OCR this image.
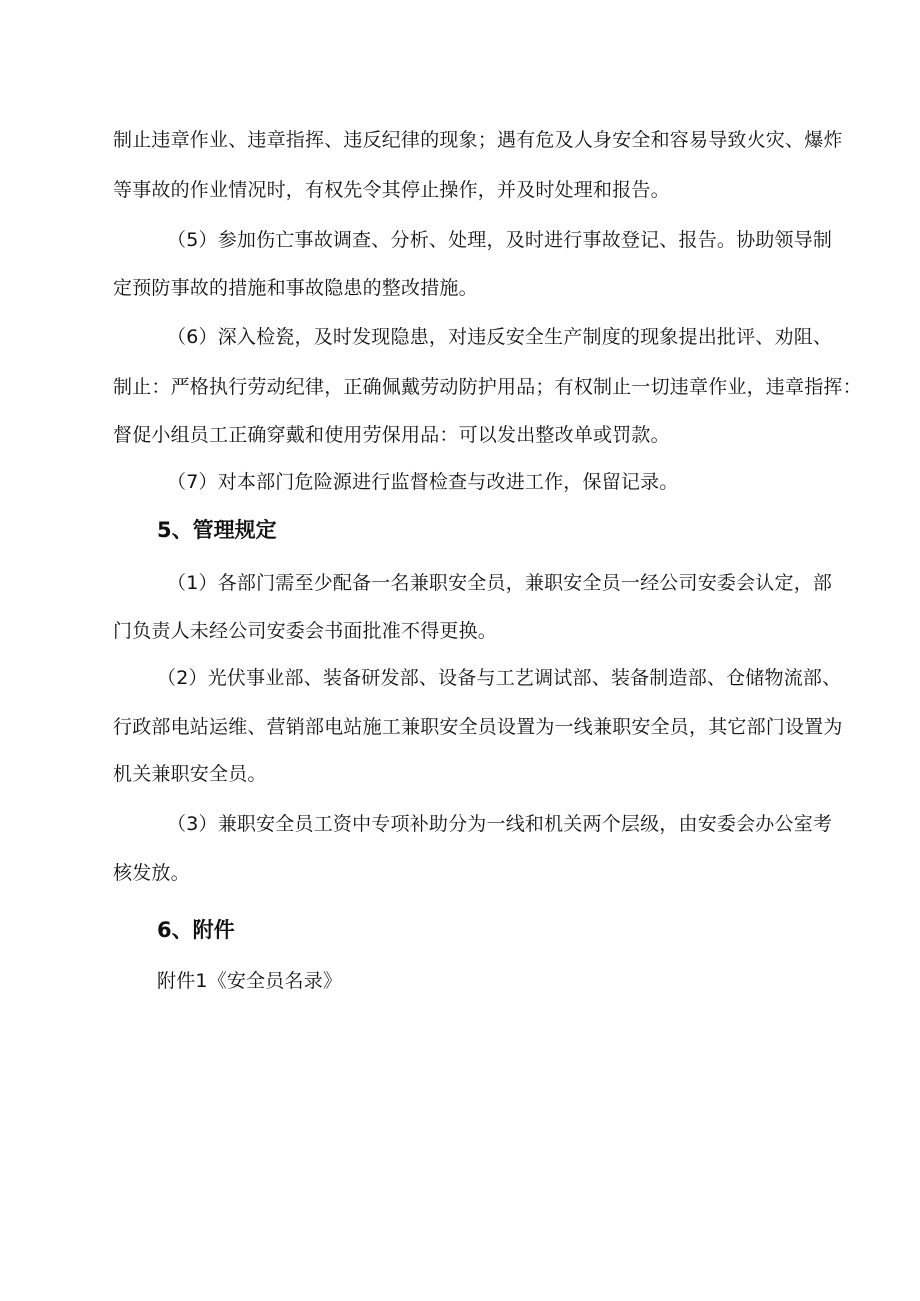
制止违章作业、违章指挥、违反纪律的现象；遇有危及人身安全和容易导致火灾、爆炸
等事故的作业情况时，有权先令其停止操作，并及时处理和报告。
（5）参加伤亡事故调查、分析、处理，及时进行事故登记、报告。协助领导制
定预防事故的措施和事故隐患的整改措施。
（6）深入检瓷，及时发现隐患，对违反安全生产制度的现象提出批评、劝阻、
制止：严格执行劳动纪律，正确佩戴劳动防护用品；有权制止一切违章作业，违章指挥：
督促小组员工正确穿戴和使用劳保用品：可以发出整改单或罚款。
（7）对本部门危险源进行监督检查与改进工作，保留记录。
5、管理规定
（1）各部门需至少配备一名兼职安全员，兼职安全员一经公司安委会认定，部
门负责人未经公司安委会书面批准不得更换。
（2）光伏事业部、装备研发部、设备与工艺调试部、装备制造部、仓储物流部、
行政部电站运维、营销部电站施工兼职安全员设置为一线兼职安全员，其它部门设置为
机关兼职安全员。
（3）兼职安全员工资中专项补助分为一线和机关两个层级，由安委会办公室考
核发放。
6、附件
附件1《安全员名录》
